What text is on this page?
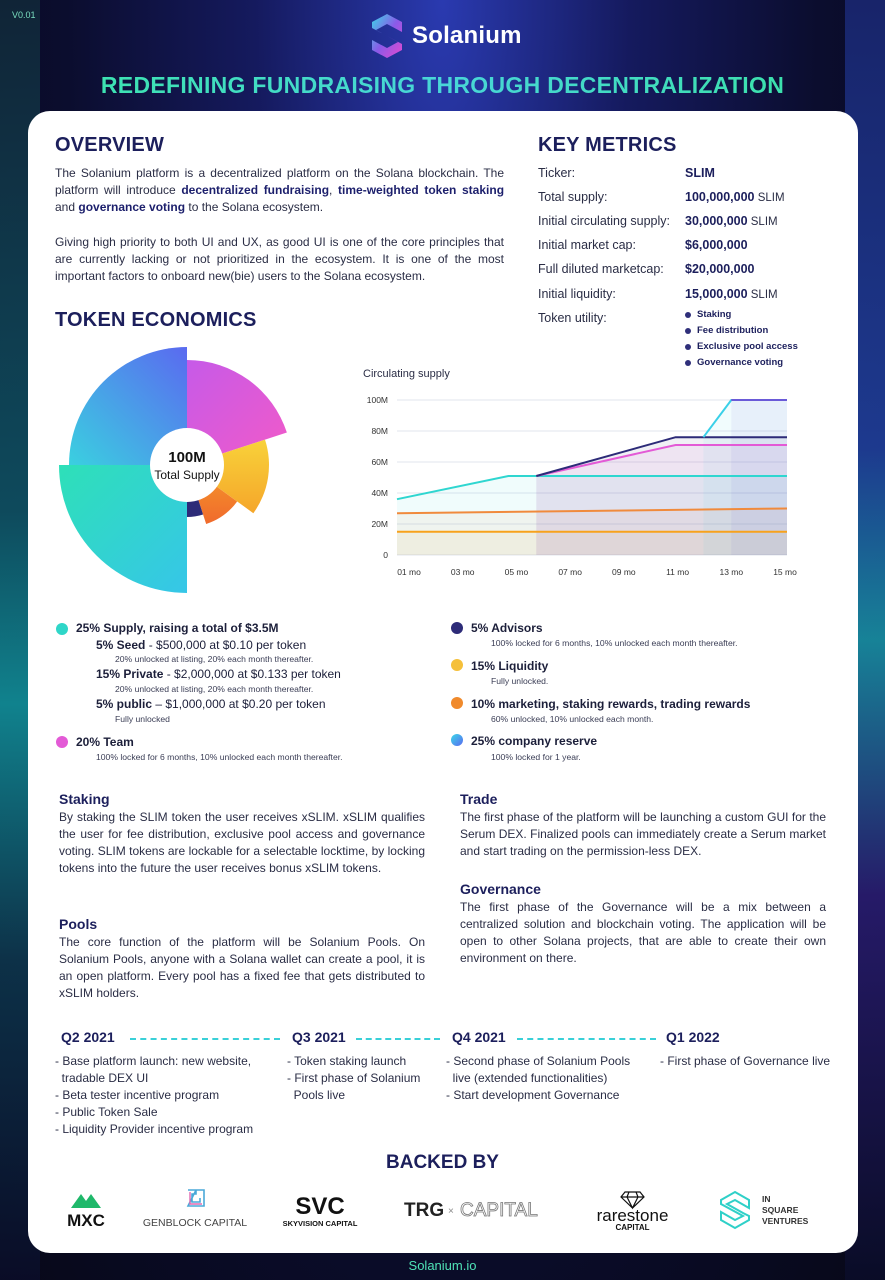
V0.01
Solanium
REDEFINING FUNDRAISING THROUGH DECENTRALIZATION
OVERVIEW
The Solanium platform is a decentralized platform on the Solana blockchain. The platform will introduce decentralized fundraising, time-weighted token staking and governance voting to the Solana ecosystem.
Giving high priority to both UI and UX, as good UI is one of the core principles that are currently lacking or not prioritized in the ecosystem. It is one of the most important factors to onboard new(bie) users to the Solana ecosystem.
KEY METRICS
Ticker:	SLIM
Total supply:	100,000,000 SLIM
Initial circulating supply: 30,000,000 SLIM
Initial market cap:	$6,000,000
Full diluted marketcap: $20,000,000
Initial liquidity:	15,000,000 SLIM
Token utility:	Staking
Fee distribution
Exclusive pool access
Governance voting
TOKEN ECONOMICS
100M
Total Supply
Circulating supply
100M
80M
60M
40M
20M
0
01 mo	03 mo	05 mo	07 mo	09 mo	11 mo	13 mo	15 mo
25% Supply, raising a total of $3.5M
5% Seed - $500,000 at $0.10 per token
20% unlocked at listing, 20% each month thereafter.
15% Private - $2,000,000 at $0.133 per token
20% unlocked at listing, 20% each month thereafter.
5% public – $1,000,000 at $0.20 per token
Fully unlocked
20% Team
100% locked for 6 months, 10% unlocked each month thereafter.
5% Advisors
100% locked for 6 months, 10% unlocked each month thereafter.
15% Liquidity
Fully unlocked.
10% marketing, staking rewards, trading rewards
60% unlocked, 10% unlocked each month.
25% company reserve
100% locked for 1 year.
Staking
By staking the SLIM token the user receives xSLIM. xSLIM qualifies the user for fee distribution, exclusive pool access and governance voting. SLIM tokens are lockable for a selectable locktime, by locking tokens into the future the user receives bonus xSLIM tokens.
Pools
The core function of the platform will be Solanium Pools. On Solanium Pools, anyone with a Solana wallet can create a pool, it is an open platform. Every pool has a fixed fee that gets distributed to xSLIM holders.
Trade
The first phase of the platform will be launching a custom GUI for the Serum DEX. Finalized pools can immediately create a Serum market and start trading on the permission-less DEX.
Governance
The first phase of the Governance will be a mix between a centralized solution and blockchain voting. The application will be open to other Solana projects, that are able to create their own environment on there.
Q2 2021	Q3 2021	Q4 2021	Q1 2022
- Base platform launch: new website,
tradable DEX UI
- Beta tester incentive program
- Public Token Sale
- Liquidity Provider incentive program
- Token staking launch
- First phase of Solanium
Pools live
- Second phase of Solanium Pools
live (extended functionalities)
- Start development Governance
- First phase of Governance live
BACKED BY
MXC	GENBLOCK CAPITAL
SVC
SKYVISION CAPITAL
TRG × CAPITAL	rarestone
CAPITAL
IN
SQUARE
VENTURES
Solanium.io
